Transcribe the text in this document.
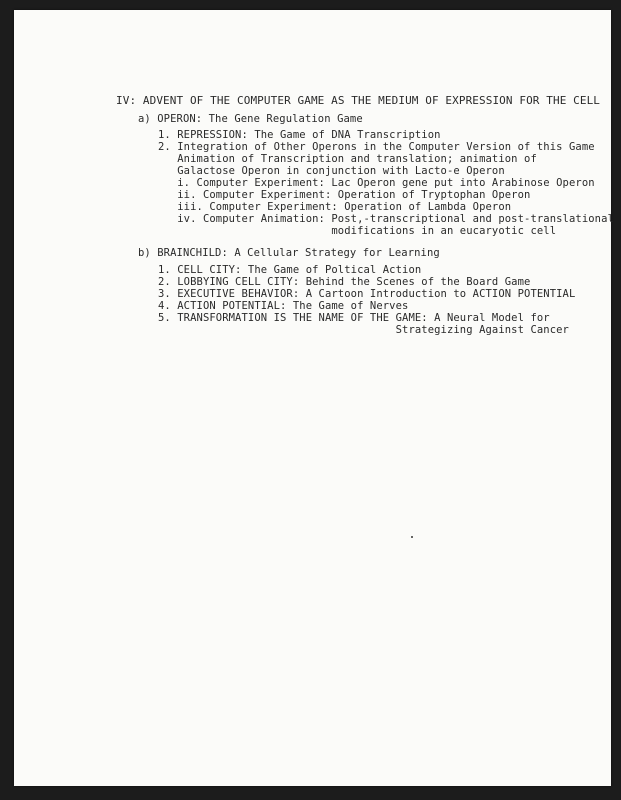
IV: ADVENT OF THE COMPUTER GAME AS THE MEDIUM OF EXPRESSION FOR THE CELL

a) OPERON: The Gene Regulation Game

1. REPRESSION: The Game of DNA Transcription

2. Integration of Other Operons in the Computer Version of this Game

Animation of Transcription and translation; animation of

Galactose Operon in conjunction with Lacto-e Operon

i. Computer Experiment: Lac Operon gene put into Arabinose Operon

ii. Computer Experiment: Operation of Tryptophan Operon

iii. Computer Experiment: Operation of Lambda Operon

iv. Computer Animation: Post,-transcriptional and post-translational

modifications in an eucaryotic cell

b) BRAINCHILD: A Cellular Strategy for Learning

1. CELL CITY: The Game of Poltical Action

2. LOBBYING CELL CITY: Behind the Scenes of the Board Game

3. EXECUTIVE BEHAVIOR: A Cartoon Introduction to ACTION POTENTIAL

4. ACTION POTENTIAL: The Game of Nerves

5. TRANSFORMATION IS THE NAME OF THE GAME: A Neural Model for

Strategizing Against Cancer
